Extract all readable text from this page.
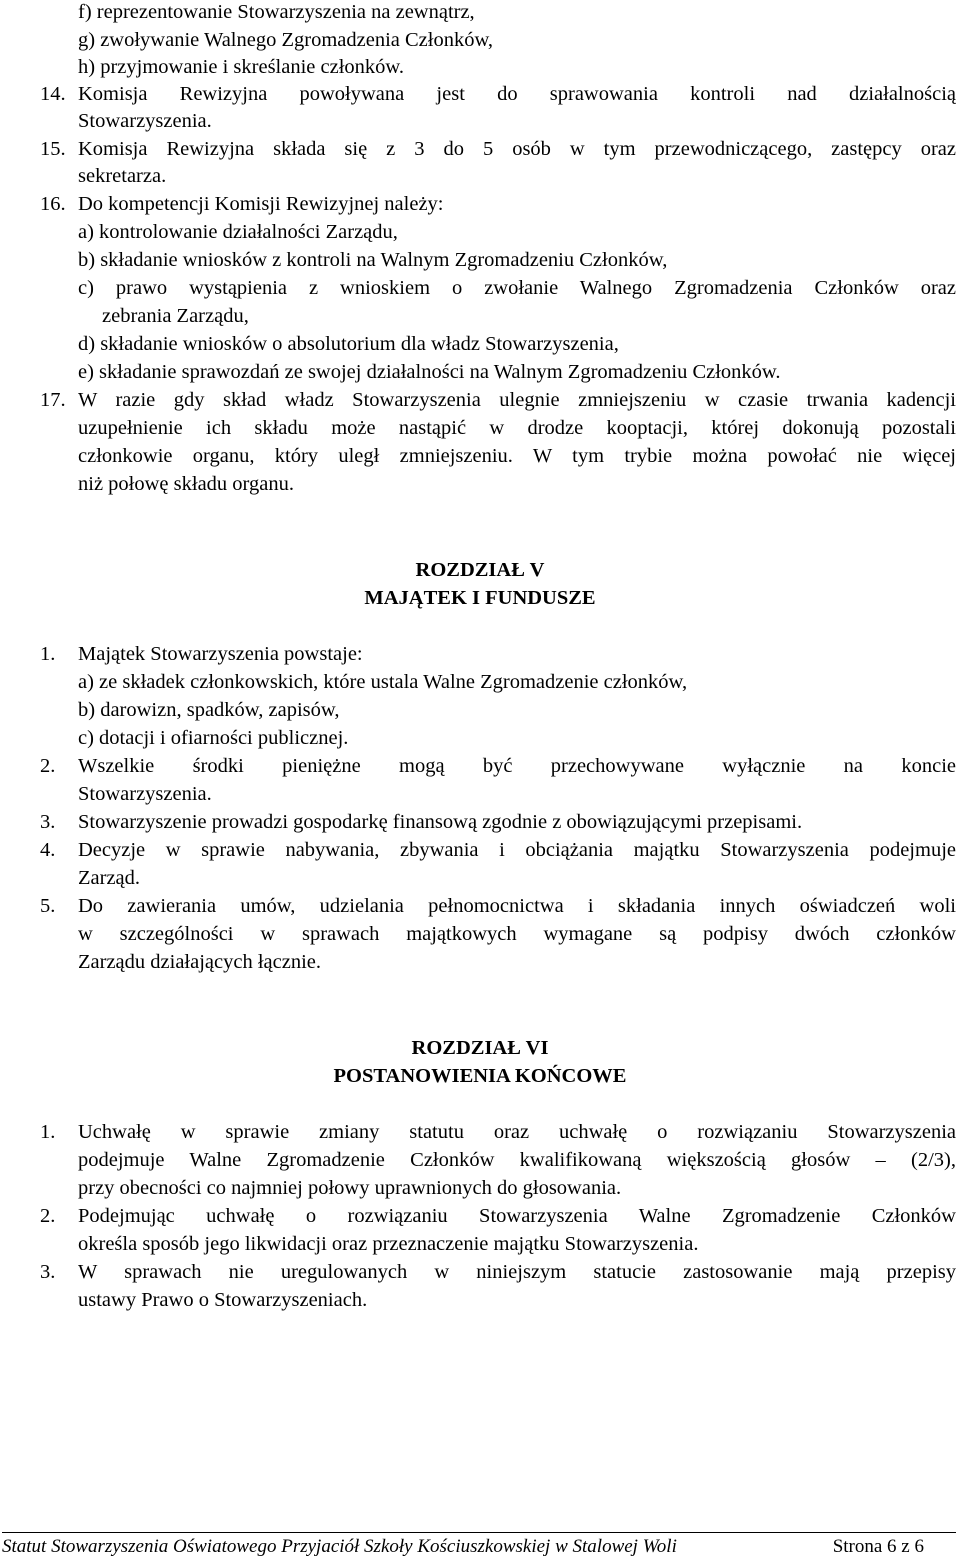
f) reprezentowanie Stowarzyszenia na zewnątrz,
g) zwoływanie Walnego Zgromadzenia Członków,
h) przyjmowanie i skreślanie członków.
14. Komisja Rewizyjna powoływana jest do sprawowania kontroli nad działalnością
Stowarzyszenia.
15. Komisja Rewizyjna składa się z 3 do 5 osób w tym przewodniczącego, zastępcy oraz
sekretarza.
16. Do kompetencji Komisji Rewizyjnej należy:
a) kontrolowanie działalności Zarządu,
b) składanie wniosków z kontroli na Walnym Zgromadzeniu Członków,
c) prawo wystąpienia z wnioskiem o zwołanie Walnego Zgromadzenia Członków oraz
zebrania Zarządu,
d) składanie wniosków o absolutorium dla władz Stowarzyszenia,
e) składanie sprawozdań ze swojej działalności na Walnym Zgromadzeniu Członków.
17. W razie gdy skład władz Stowarzyszenia ulegnie zmniejszeniu w czasie trwania kadencji
uzupełnienie ich składu może nastąpić w drodze kooptacji, której dokonują pozostali
członkowie organu, który uległ zmniejszeniu. W tym trybie można powołać nie więcej
niż połowę składu organu.
ROZDZIAŁ V
MAJĄTEK I FUNDUSZE
1. Majątek Stowarzyszenia powstaje:
a) ze składek członkowskich, które ustala Walne Zgromadzenie członków,
b) darowizn, spadków, zapisów,
c) dotacji i ofiarności publicznej.
2. Wszelkie środki pieniężne mogą być przechowywane wyłącznie na koncie
Stowarzyszenia.
3. Stowarzyszenie prowadzi gospodarkę finansową zgodnie z obowiązującymi przepisami.
4. Decyzje w sprawie nabywania, zbywania i obciążania majątku Stowarzyszenia podejmuje
Zarząd.
5. Do zawierania umów, udzielania pełnomocnictwa i składania innych oświadczeń woli
w szczególności w sprawach majątkowych wymagane są podpisy dwóch członków
Zarządu działających łącznie.
ROZDZIAŁ VI
POSTANOWIENIA KOŃCOWE
1. Uchwałę w sprawie zmiany statutu oraz uchwałę o rozwiązaniu Stowarzyszenia
podejmuje Walne Zgromadzenie Członków kwalifikowaną większością głosów – (2/3),
przy obecności co najmniej połowy uprawnionych do głosowania.
2. Podejmując uchwałę o rozwiązaniu Stowarzyszenia Walne Zgromadzenie Członków
określa sposób jego likwidacji oraz przeznaczenie majątku Stowarzyszenia.
3. W sprawach nie uregulowanych w niniejszym statucie zastosowanie mają przepisy
ustawy Prawo o Stowarzyszeniach.
Statut Stowarzyszenia Oświatowego Przyjaciół Szkoły Kościuszkowskiej w Stalowej Woli	Strona 6 z 6
